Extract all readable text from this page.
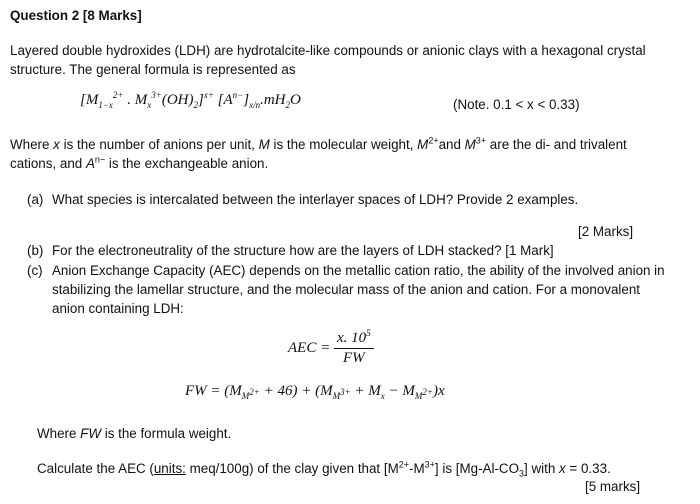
Question 2 [8 Marks]
Layered double hydroxides (LDH) are hydrotalcite-like compounds or anionic clays with a hexagonal crystal
structure. The general formula is represented as
[$M_{1-x}^{2+}$ . $M_x^{3+}(OH)_2]^{x+}$ $[A^{n-}]_{x/n}.mH_2O$	(Note. 0.1 < x < 0.33)
Where x is the number of anions per unit, M is the molecular weight, $M^{2+}and$ $M^{3+}$ are the di- and trivalent
cations, and $A^{n-}$ is the exchangeable anion.
(a) What species is intercalated between the interlayer spaces of LDH? Provide 2 examples.
[2 Marks]
(b) For the electroneutrality of the structure how are the layers of LDH stacked? [1 Mark]
(c) Anion Exchange Capacity (AEC) depends on the metallic cation ratio, the ability of the involved anion in
stabilizing the lamellar structure, and the molecular mass of the anion and cation. For a monovalent
anion containing LDH:
AEC = $\frac{x. 10^5}{FW}$
FW = $(M_{M^{2+}} + 46) + (M_{M^{3+}} + M_x - M_{M^{2+}})x$
Where FW is the formula weight.
Calculate the AEC (units: meq/100g) of the clay given that $[M^{2+}-M^{3+}]$ is $[Mg-Al-CO_3]$ with x = 0.33.
[5 marks]
